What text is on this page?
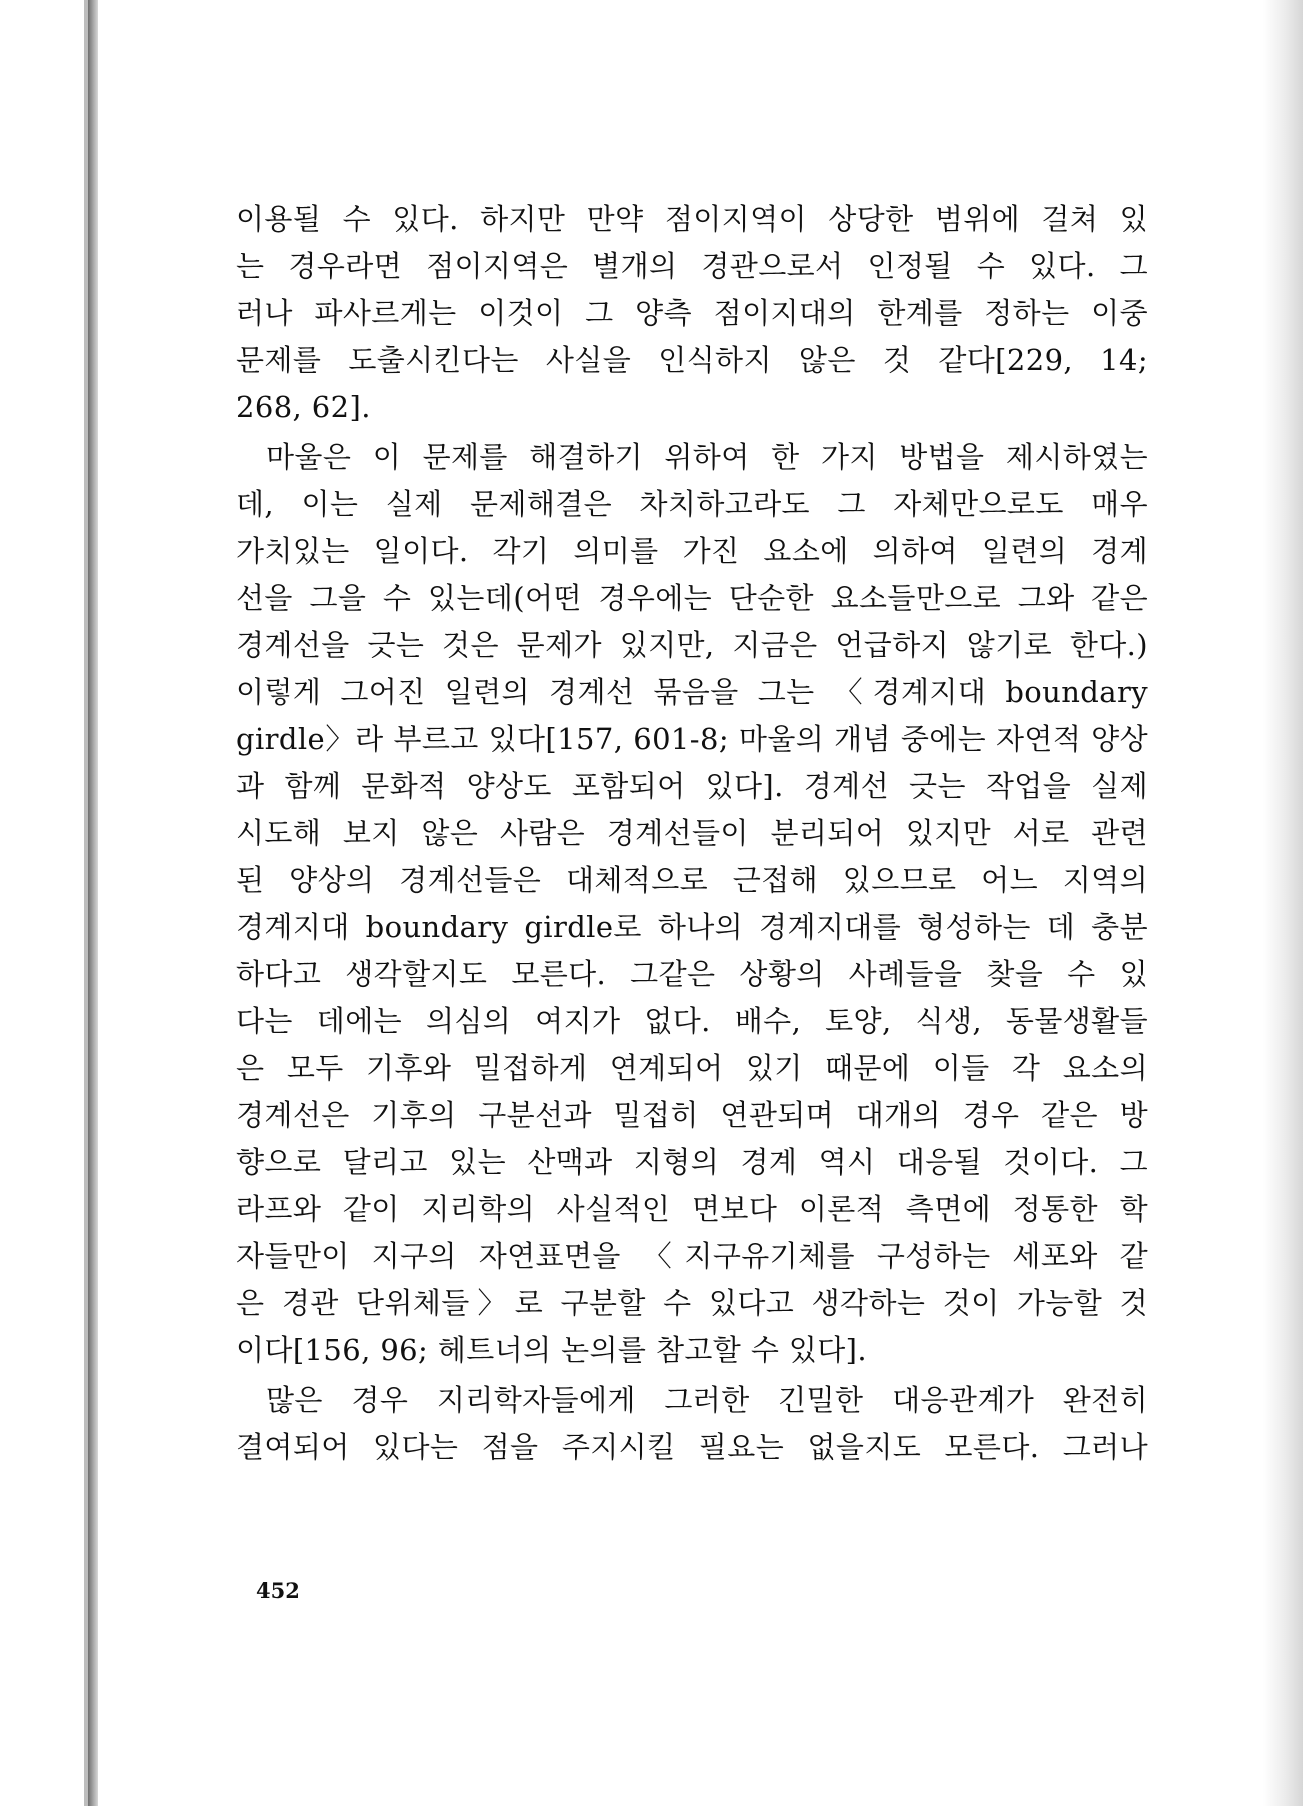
이용될 수 있다. 하지만 만약 점이지역이 상당한 범위에 걸쳐 있
는 경우라면 점이지역은 별개의 경관으로서 인정될 수 있다. 그
러나 파사르게는 이것이 그 양측 점이지대의 한계를 정하는 이중
문제를 도출시킨다는 사실을 인식하지 않은 것 같다[229, 14;
268, 62].
마울은 이 문제를 해결하기 위하여 한 가지 방법을 제시하였는
데, 이는 실제 문제해결은 차치하고라도 그 자체만으로도 매우
가치있는 일이다. 각기 의미를 가진 요소에 의하여 일련의 경계
선을 그을 수 있는데(어떤 경우에는 단순한 요소들만으로 그와 같은
경계선을 긋는 것은 문제가 있지만, 지금은 언급하지 않기로 한다.)
이렇게 그어진 일련의 경계선 묶음을 그는 〈경계지대 boundary
girdle〉라 부르고 있다[157, 601-8; 마울의 개념 중에는 자연적 양상
과 함께 문화적 양상도 포함되어 있다]. 경계선 긋는 작업을 실제
시도해 보지 않은 사람은 경계선들이 분리되어 있지만 서로 관련
된 양상의 경계선들은 대체적으로 근접해 있으므로 어느 지역의
경계지대 boundary girdle로 하나의 경계지대를 형성하는 데 충분
하다고 생각할지도 모른다. 그같은 상황의 사례들을 찾을 수 있
다는 데에는 의심의 여지가 없다. 배수, 토양, 식생, 동물생활들
은 모두 기후와 밀접하게 연계되어 있기 때문에 이들 각 요소의
경계선은 기후의 구분선과 밀접히 연관되며 대개의 경우 같은 방
향으로 달리고 있는 산맥과 지형의 경계 역시 대응될 것이다. 그
라프와 같이 지리학의 사실적인 면보다 이론적 측면에 정통한 학
자들만이 지구의 자연표면을 〈지구유기체를 구성하는 세포와 같
은 경관 단위체들〉로 구분할 수 있다고 생각하는 것이 가능할 것
이다[156, 96; 헤트너의 논의를 참고할 수 있다].
많은 경우 지리학자들에게 그러한 긴밀한 대응관계가 완전히
결여되어 있다는 점을 주지시킬 필요는 없을지도 모른다. 그러나
452
